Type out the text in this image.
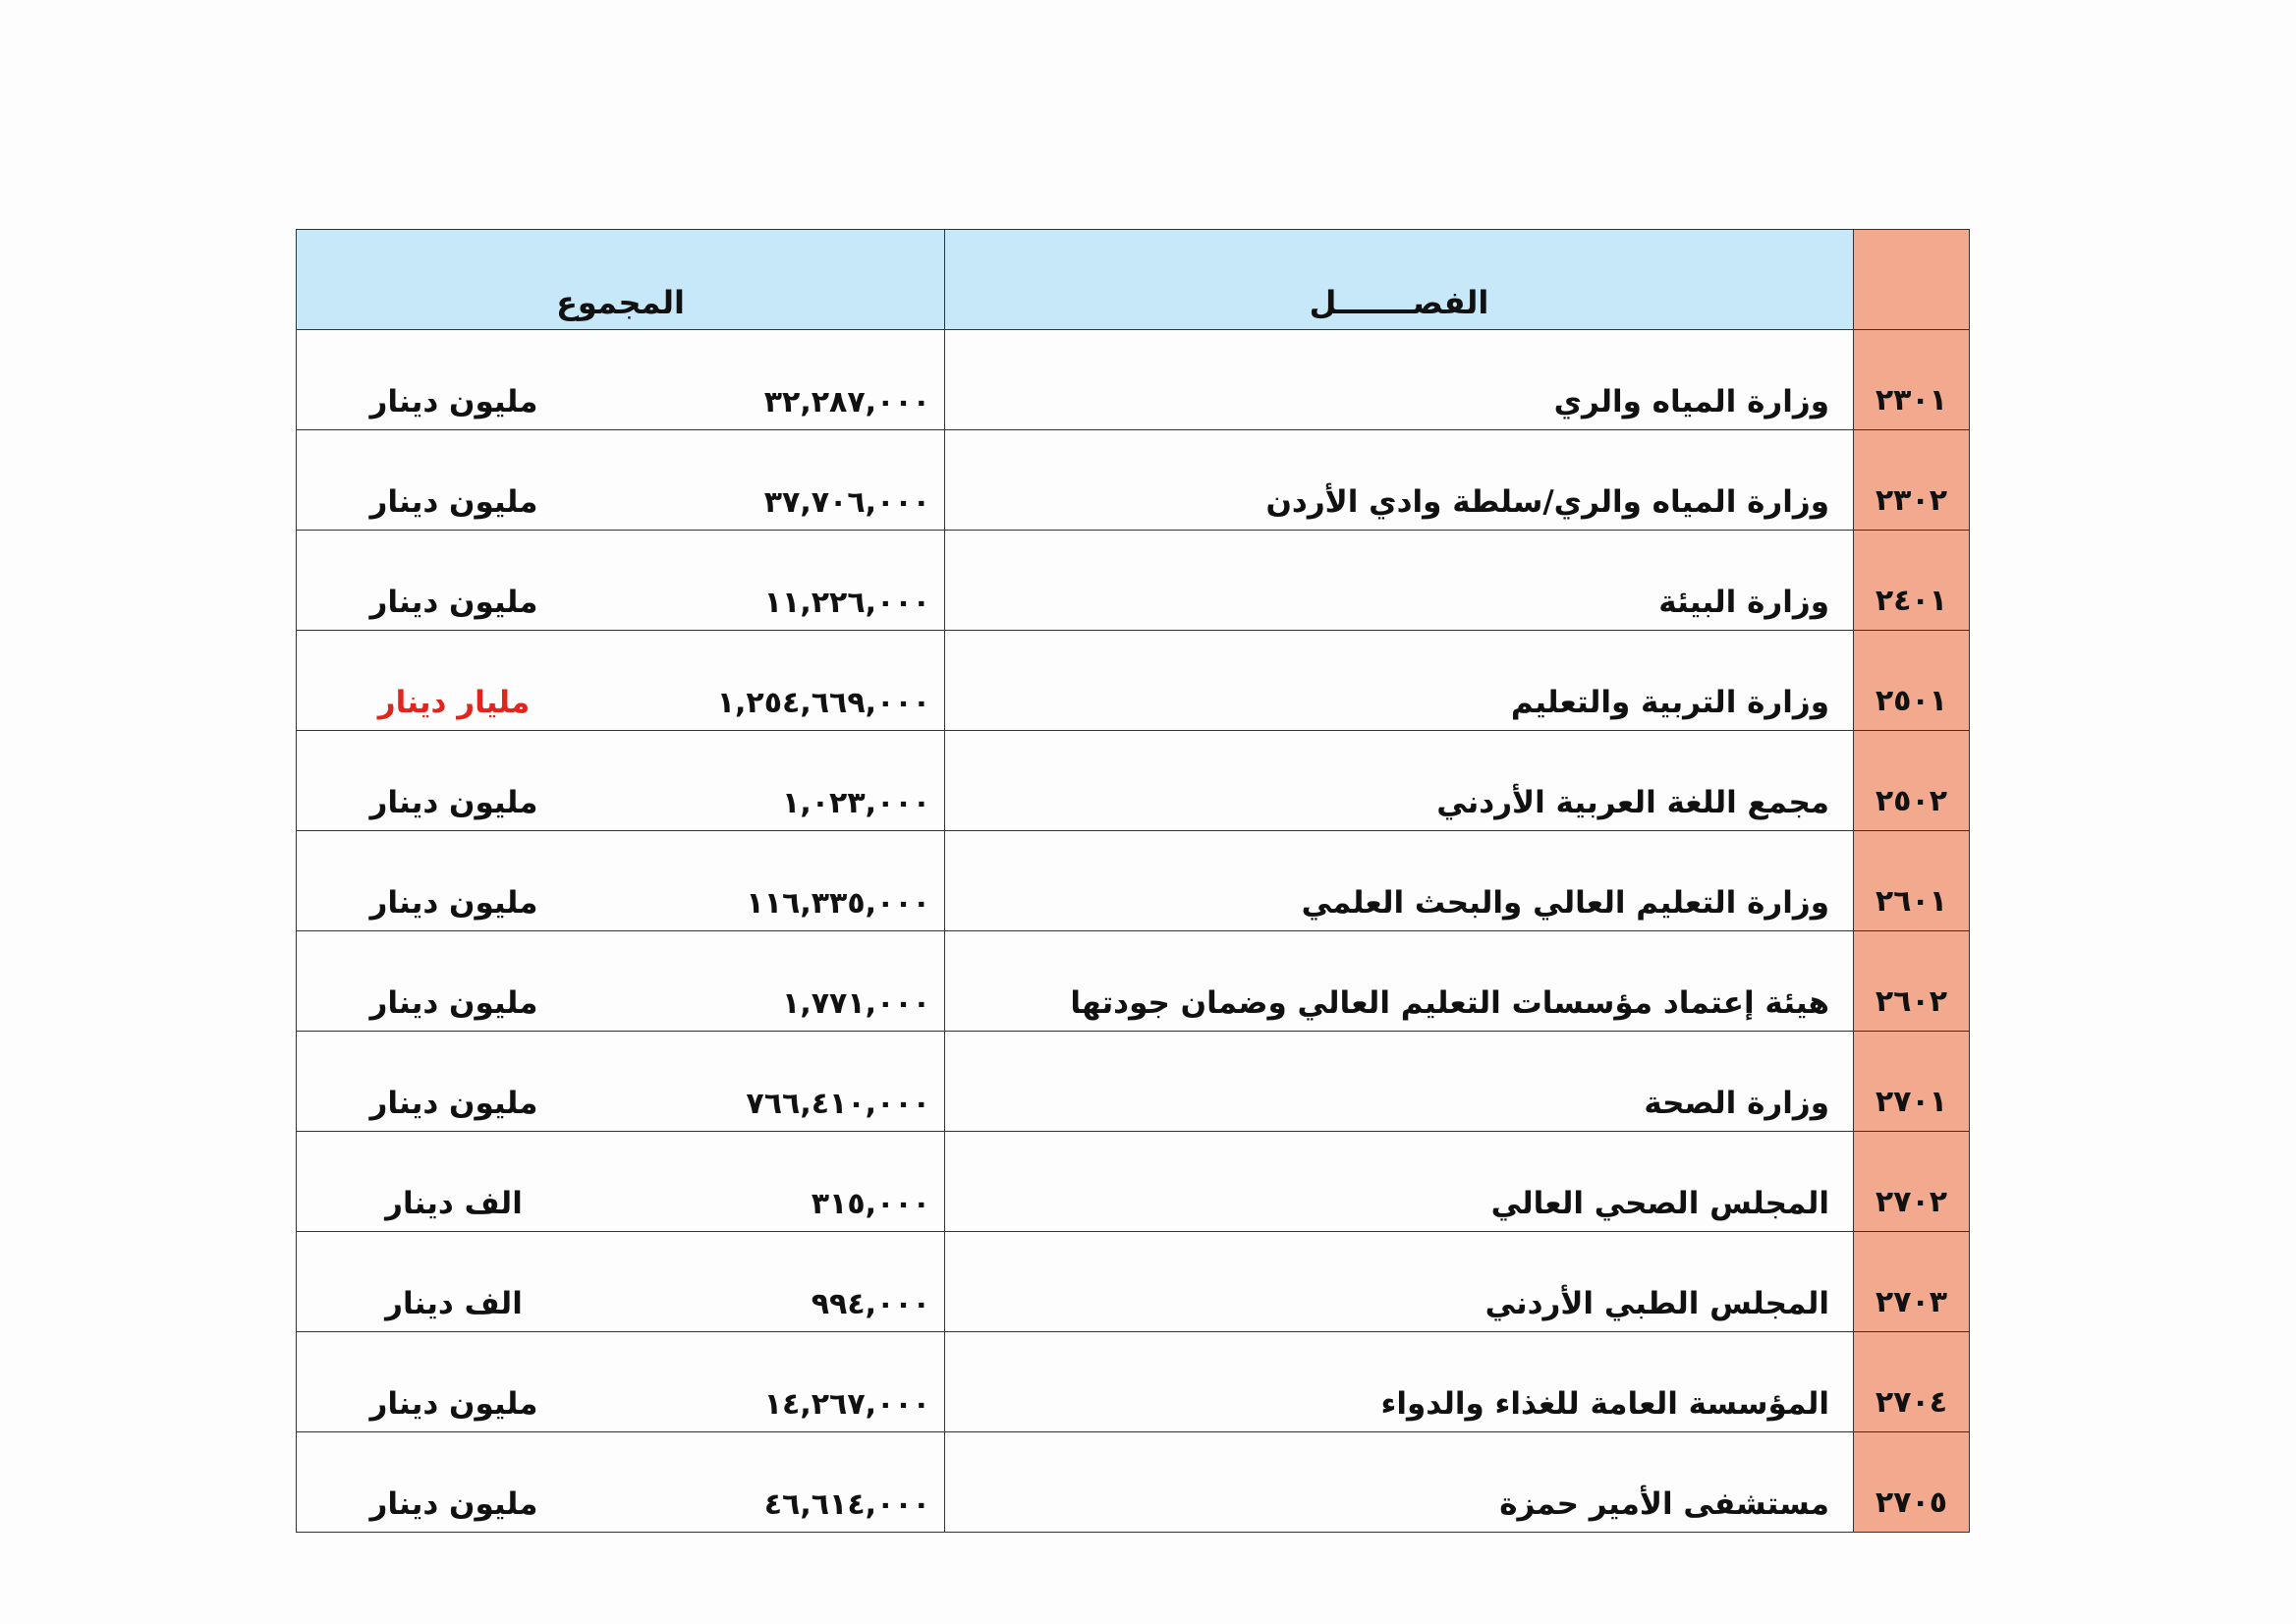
المجموع	الفصـــــــل	

مليون دينار ٣٢,٢٨٧,٠٠٠	وزارة المياه والري	٢٣٠١

مليون دينار ٣٧,٧٠٦,٠٠٠	وزارة المياه والري/سلطة وادي الأردن	٢٣٠٢

مليون دينار ١١,٢٢٦,٠٠٠	وزارة البيئة	٢٤٠١

مليار دينار ١,٢٥٤,٦٦٩,٠٠٠	وزارة التربية والتعليم	٢٥٠١

مليون دينار ١,٠٢٣,٠٠٠	مجمع اللغة العربية الأردني	٢٥٠٢

مليون دينار ١١٦,٣٣٥,٠٠٠	وزارة التعليم العالي والبحث العلمي	٢٦٠١

مليون دينار ١,٧٧١,٠٠٠	هيئة إعتماد مؤسسات التعليم العالي وضمان جودتها	٢٦٠٢

مليون دينار ٧٦٦,٤١٠,٠٠٠	وزارة الصحة	٢٧٠١

الف دينار ٣١٥,٠٠٠	المجلس الصحي العالي	٢٧٠٢

الف دينار ٩٩٤,٠٠٠	المجلس الطبي الأردني	٢٧٠٣

مليون دينار ١٤,٢٦٧,٠٠٠	المؤسسة العامة للغذاء والدواء	٢٧٠٤

مليون دينار ٤٦,٦١٤,٠٠٠	مستشفى الأمير حمزة	٢٧٠٥
